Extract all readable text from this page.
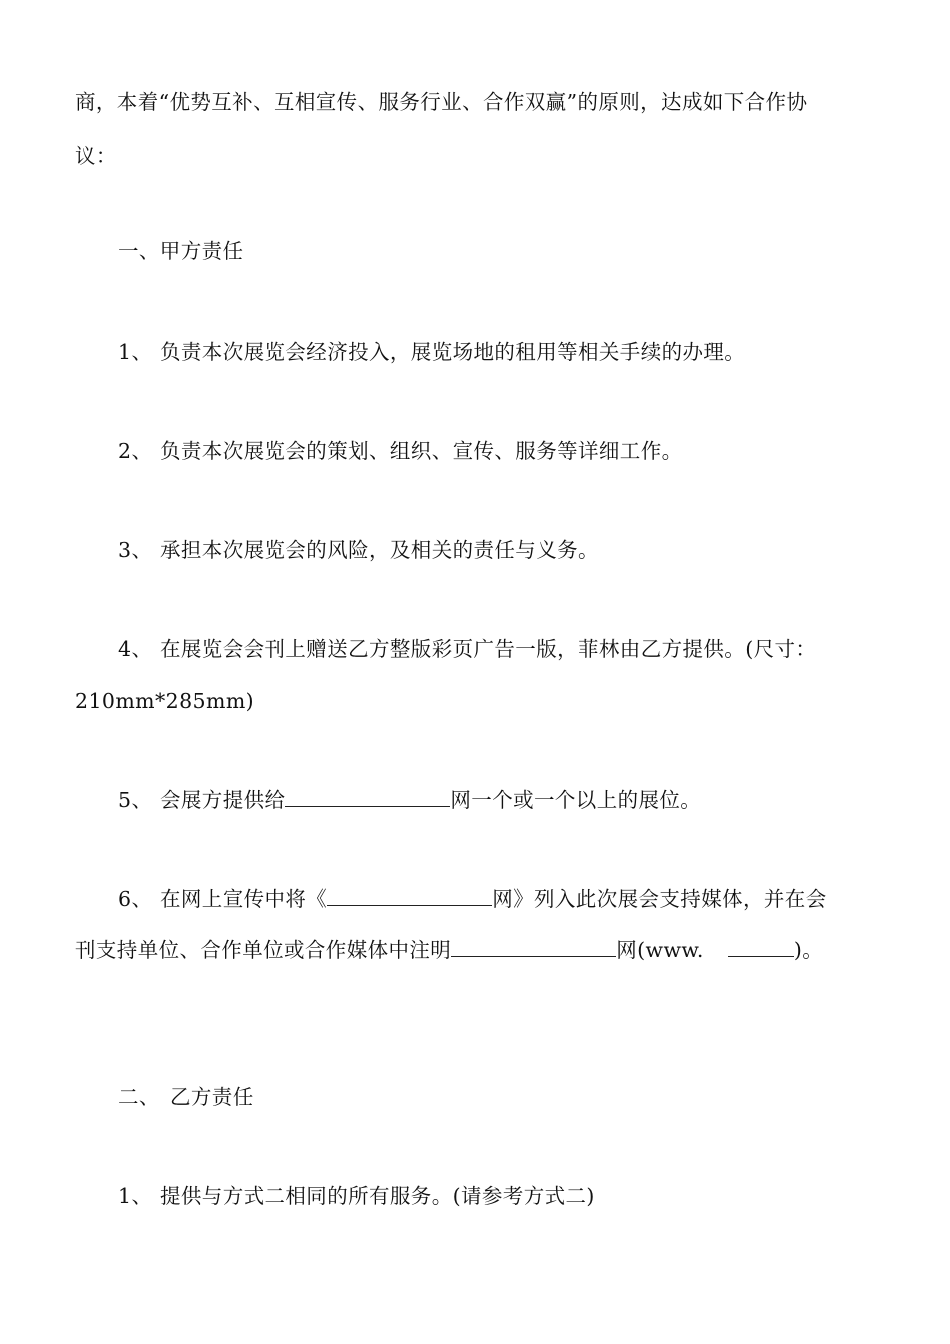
商，本着“优势互补、互相宣传、服务行业、合作双赢”的原则，达成如下合作协
议：
一、甲方责任
1、 负责本次展览会经济投入，展览场地的租用等相关手续的办理。
2、 负责本次展览会的策划、组织、宣传、服务等详细工作。
3、 承担本次展览会的风险，及相关的责任与义务。
4、 在展览会会刊上赠送乙方整版彩页广告一版，菲林由乙方提供。(尺寸：
210mm*285mm)
5、 会展方提供给	网一个或一个以上的展位。
6、 在网上宣传中将《	网》列入此次展会支持媒体，并在会
刊支持单位、合作单位或合作媒体中注明	网(www.	)。
二、 乙方责任
1、 提供与方式二相同的所有服务。(请参考方式二)
